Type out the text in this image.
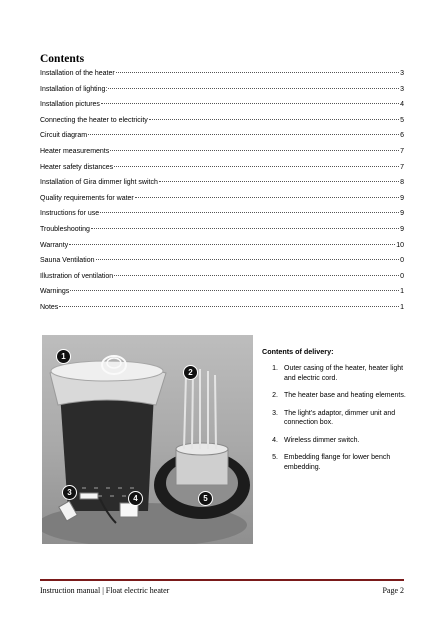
Contents
Installation of the heater	3
Installation of lighting:	3
Installation pictures	4
Connecting the heater to electricity	5
Circuit diagram	6
Heater measurements	7
Heater safety distances	7
Installation of Gira dimmer light switch	8
Quality requirements for water	9
Instructions for use	9
Troubleshooting	9
Warranty	10
Sauna Ventilation	0
Illustration of ventilation	0
Warnings	1
Notes	1
1
2
3
4	5
Contents of delivery:
1. Outer casing of the heater, heater light and electric cord.
2. The heater base and heating elements.
3. The light’s adaptor, dimmer unit and connection box.
4. Wireless dimmer switch.
5. Embedding flange for lower bench embedding.
Instruction manual | Float electric heater	Page 2
